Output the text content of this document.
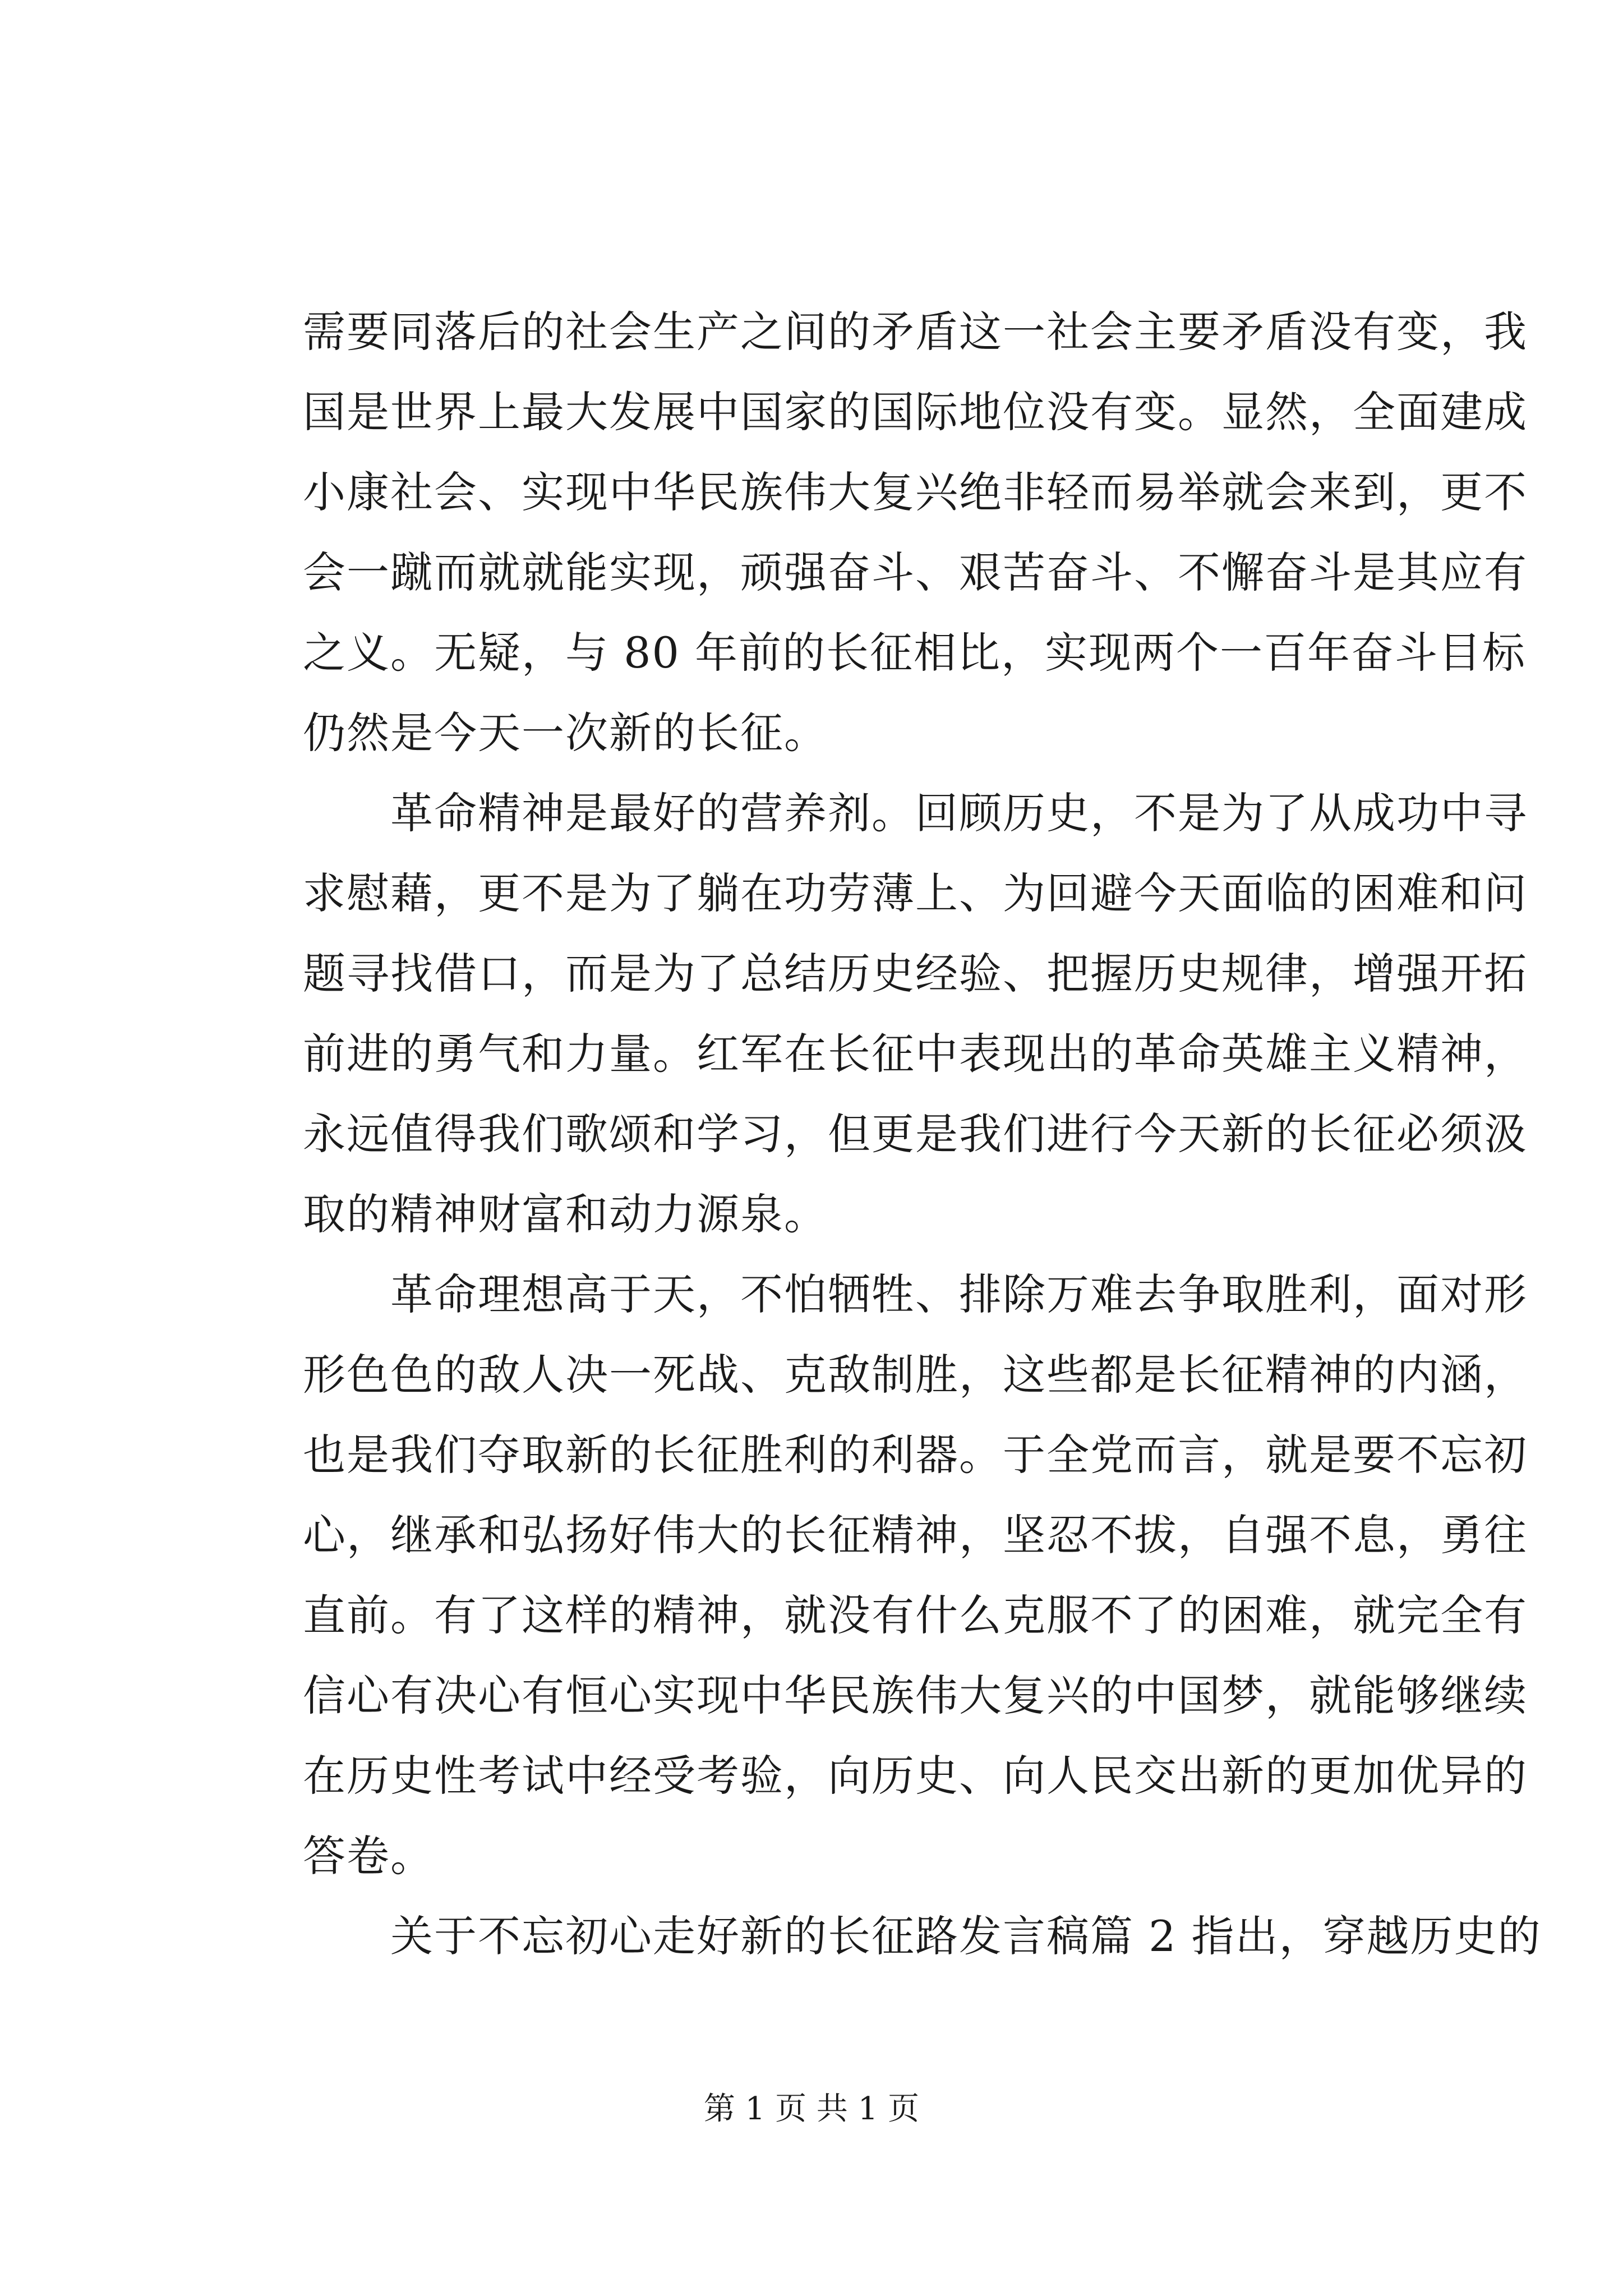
需要同落后的社会生产之间的矛盾这一社会主要矛盾没有变，我
国是世界上最大发展中国家的国际地位没有变。显然，全面建成
小康社会、实现中华民族伟大复兴绝非轻而易举就会来到，更不
会一蹴而就就能实现，顽强奋斗、艰苦奋斗、不懈奋斗是其应有
之义。无疑，与 80 年前的长征相比，实现两个一百年奋斗目标
仍然是今天一次新的长征。
　　革命精神是最好的营养剂。回顾历史，不是为了从成功中寻
求慰藉，更不是为了躺在功劳薄上、为回避今天面临的困难和问
题寻找借口，而是为了总结历史经验、把握历史规律，增强开拓
前进的勇气和力量。红军在长征中表现出的革命英雄主义精神，
永远值得我们歌颂和学习，但更是我们进行今天新的长征必须汲
取的精神财富和动力源泉。
　　革命理想高于天，不怕牺牲、排除万难去争取胜利，面对形
形色色的敌人决一死战、克敌制胜，这些都是长征精神的内涵，
也是我们夺取新的长征胜利的利器。于全党而言，就是要不忘初
心，继承和弘扬好伟大的长征精神，坚忍不拔，自强不息，勇往
直前。有了这样的精神，就没有什么克服不了的困难，就完全有
信心有决心有恒心实现中华民族伟大复兴的中国梦，就能够继续
在历史性考试中经受考验，向历史、向人民交出新的更加优异的
答卷。
　　关于不忘初心走好新的长征路发言稿篇 2 指出，穿越历史的
第 1 页 共 1 页
